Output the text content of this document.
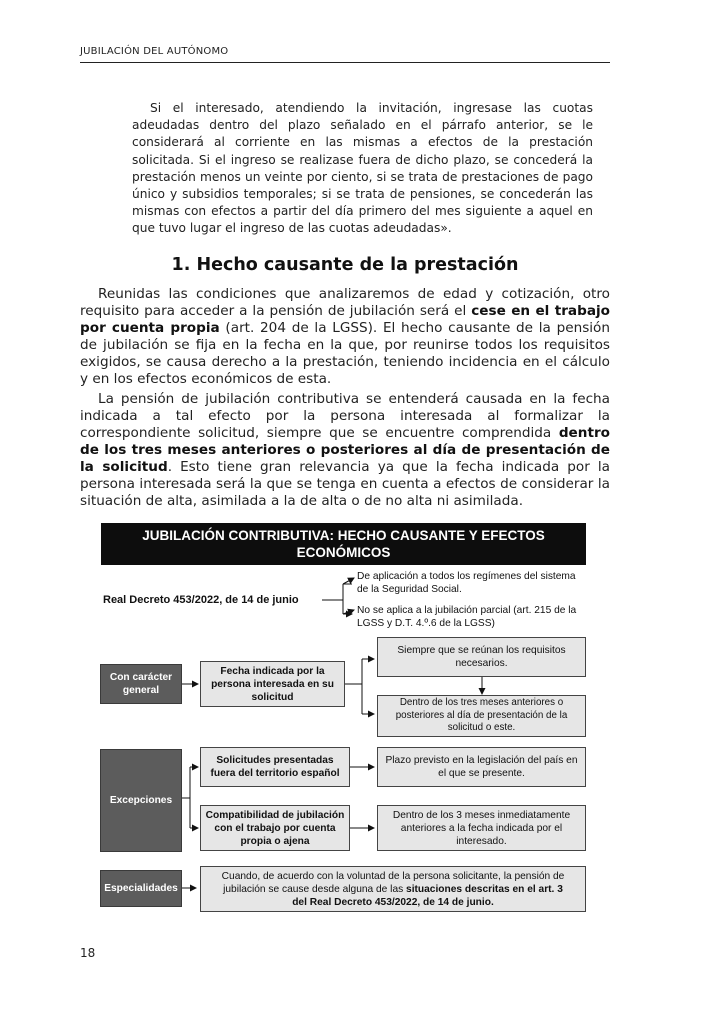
JUBILACIÓN DEL AUTÓNOMO

Si el interesado, atendiendo la invitación, ingresase las cuotas adeudadas dentro del plazo señalado en el párrafo anterior, se le considerará al corriente en las mismas a efectos de la prestación solicitada. Si el ingreso se realizase fuera de dicho plazo, se concederá la prestación menos un veinte por ciento, si se trata de prestaciones de pago único y subsidios temporales; si se trata de pensiones, se concederán las mismas con efectos a partir del día primero del mes siguiente a aquel en que tuvo lugar el ingreso de las cuotas adeudadas».

1. Hecho causante de la prestación

Reunidas las condiciones que analizaremos de edad y cotización, otro requisito para acceder a la pensión de jubilación será el cese en el trabajo por cuenta propia (art. 204 de la LGSS). El hecho causante de la pensión de jubilación se fija en la fecha en la que, por reunirse todos los requisitos exigidos, se causa derecho a la prestación, teniendo incidencia en el cálculo y en los efectos económicos de esta.

La pensión de jubilación contributiva se entenderá causada en la fecha indicada a tal efecto por la persona interesada al formalizar la correspondiente solicitud, siempre que se encuentre comprendida dentro de los tres meses anteriores o posteriores al día de presentación de la solicitud. Esto tiene gran relevancia ya que la fecha indicada por la persona interesada será la que se tenga en cuenta a efectos de considerar la situación de alta, asimilada a la de alta o de no alta ni asimilada.

JUBILACIÓN CONTRIBUTIVA: HECHO CAUSANTE Y EFECTOS
ECONÓMICOS
Real Decreto 453/2022, de 14 de junio
De aplicación a todos los regímenes del sistema
de la Seguridad Social.
No se aplica a la jubilación parcial (art. 215 de la
LGSS y D.T. 4.º.6 de la LGSS)
Con carácter
general
Fecha indicada por la
persona interesada en su
solicitud
Siempre que se reúnan los requisitos
necesarios.
Dentro de los tres meses anteriores o
posteriores al día de presentación de la
solicitud o este.
Excepciones
Solicitudes presentadas
fuera del territorio español
Plazo previsto en la legislación del país en
el que se presente.
Compatibilidad de jubilación
con el trabajo por cuenta
propia o ajena
Dentro de los 3 meses inmediatamente
anteriores a la fecha indicada por el
interesado.
Especialidades
Cuando, de acuerdo con la voluntad de la persona solicitante, la pensión de
jubilación se cause desde alguna de las situaciones descritas en el art. 3
del Real Decreto 453/2022, de 14 de junio.
18
